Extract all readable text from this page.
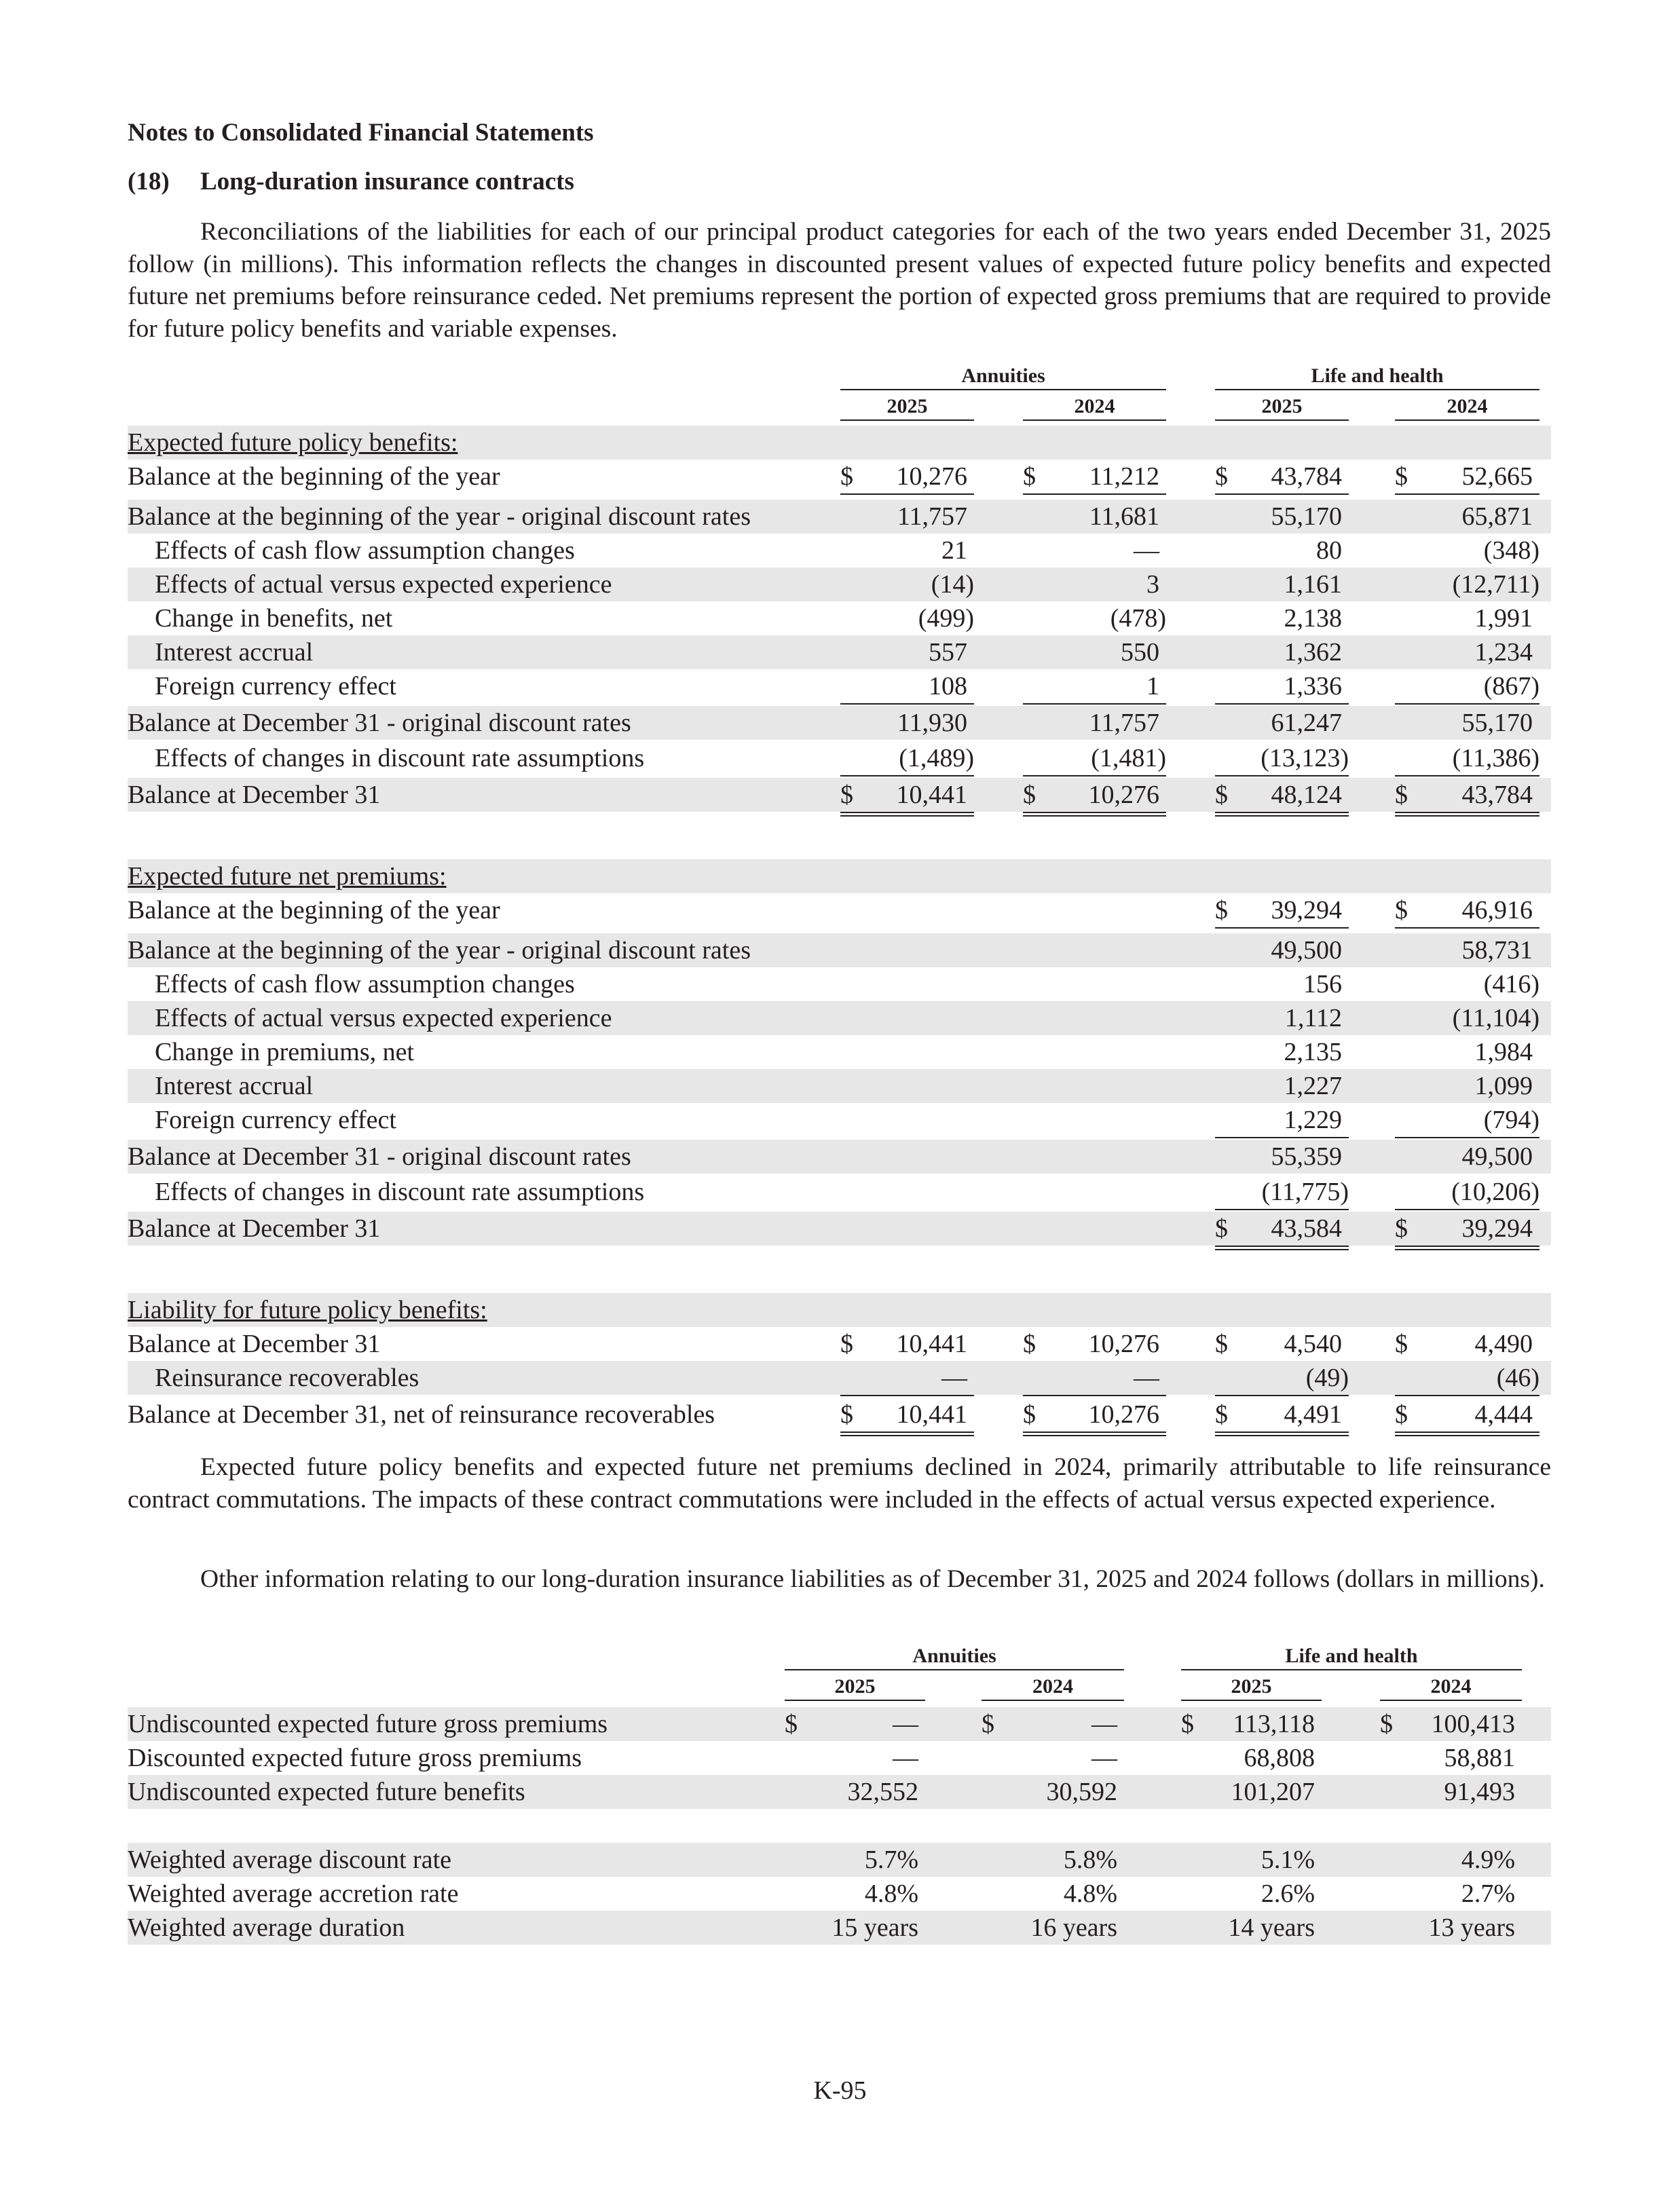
Notes to Consolidated Financial Statements
(18) Long-duration insurance contracts
Reconciliations of the liabilities for each of our principal product categories for each of the two years ended December 31, 2025 follow (in millions). This information reflects the changes in discounted present values of expected future policy benefits and expected future net premiums before reinsurance ceded. Net premiums represent the portion of expected gross premiums that are required to provide for future policy benefits and variable expenses.
Annuities	Life and health
2025	2024	2025	2024
Expected future policy benefits:
Balance at the beginning of the year	$ 10,276 $ 11,212 $ 43,784 $ 52,665
Balance at the beginning of the year - original discount rates	11,757	11,681	55,170	65,871
Effects of cash flow assumption changes	21	—	80	(348)
Effects of actual versus expected experience	(14)	3	1,161	(12,711)
Change in benefits, net	(499)	(478)	2,138	1,991
Interest accrual	557	550	1,362	1,234
Foreign currency effect	108	1	1,336	(867)
Balance at December 31 - original discount rates	11,930	11,757	61,247	55,170
Effects of changes in discount rate assumptions	(1,489)	(1,481)	(13,123)	(11,386)
Balance at December 31	$ 10,441 $ 10,276 $ 48,124 $ 43,784
Expected future net premiums:
Balance at the beginning of the year	$ 39,294 $ 46,916
Balance at the beginning of the year - original discount rates	49,500	58,731
Effects of cash flow assumption changes	156	(416)
Effects of actual versus expected experience	1,112	(11,104)
Change in premiums, net	2,135	1,984
Interest accrual	1,227	1,099
Foreign currency effect	1,229	(794)
Balance at December 31 - original discount rates	55,359	49,500
Effects of changes in discount rate assumptions	(11,775)	(10,206)
Balance at December 31	$ 43,584 $ 39,294
Liability for future policy benefits:
Balance at December 31	$ 10,441 $ 10,276 $ 4,540 $	4,490
Reinsurance recoverables	—	—	(49)	(46)
Balance at December 31, net of reinsurance recoverables	$ 10,441 $ 10,276 $ 4,491 $	4,444
Expected future policy benefits and expected future net premiums declined in 2024, primarily attributable to life reinsurance contract commutations. The impacts of these contract commutations were included in the effects of actual versus expected experience.
Other information relating to our long-duration insurance liabilities as of December 31, 2025 and 2024 follows (dollars in millions).
Annuities	Life and health
2025	2024	2025	2024
Undiscounted expected future gross premiums	$	— $	— $ 113,118	$ 100,413
Discounted expected future gross premiums	—	—	68,808	58,881
Undiscounted expected future benefits	32,552	30,592	101,207	91,493
Weighted average discount rate	5.7%	5.8%	5.1%	4.9%
Weighted average accretion rate	4.8%	4.8%	2.6%	2.7%
Weighted average duration	15 years	16 years	14 years	13 years
K-95
